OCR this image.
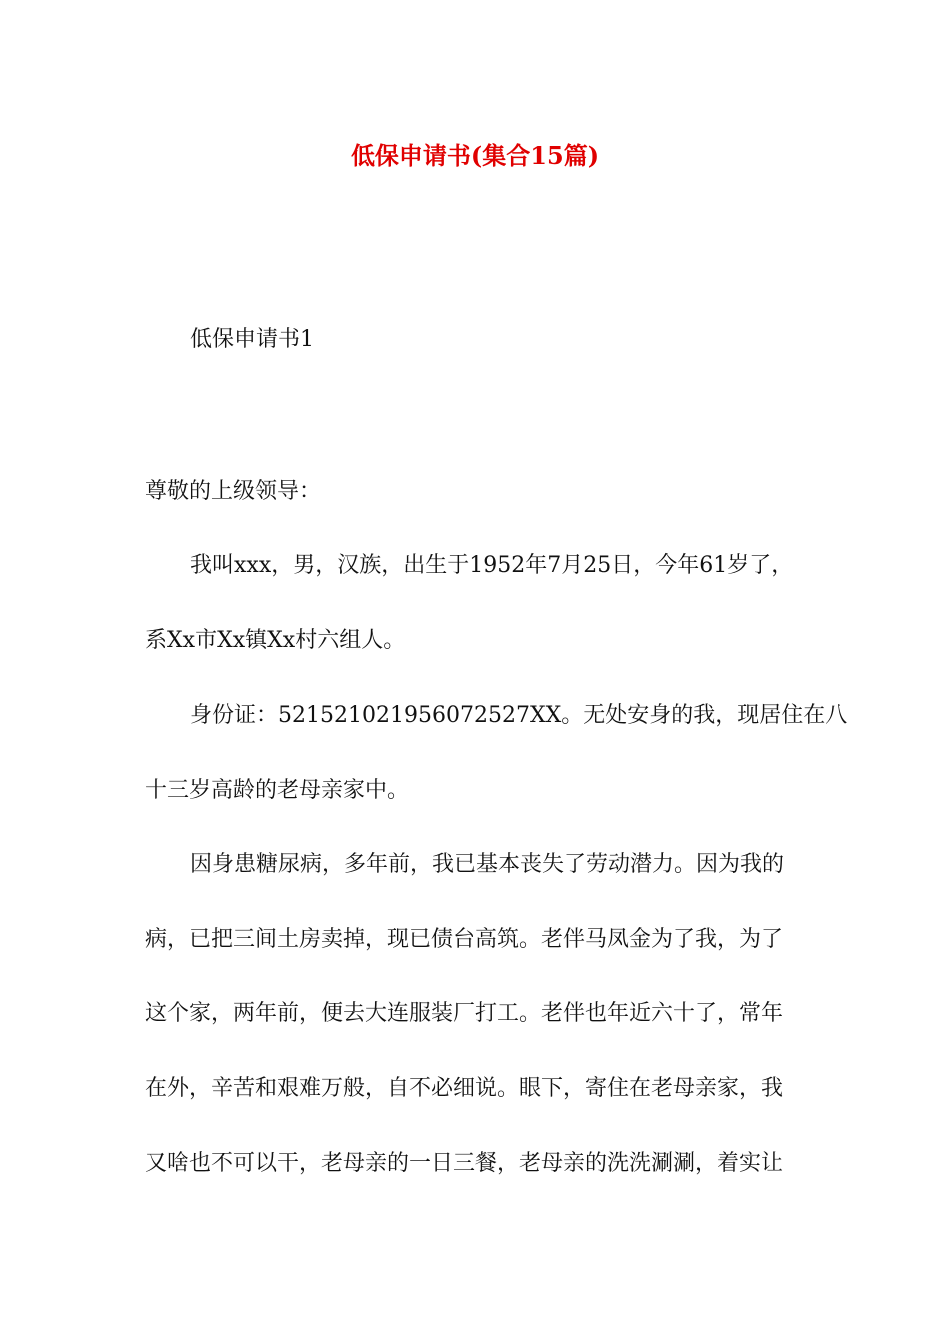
低保申请书(集合15篇)
低保申请书1
尊敬的上级领导：
我叫xxx，男，汉族，出生于1952年7月25日，今年61岁了，
系Xx市Xx镇Xx村六组人。
身份证：52152102195607252​7XX。无处安身的我，现居住在八
十三岁高龄的老母亲家中。
因身患糖尿病，多年前，我已基本丧失了劳动潜力。因为我的
病，已把三间土房卖掉，现已债台高筑。老伴马凤金为了我，为了
这个家，两年前，便去大连服装厂打工。老伴也年近六十了，常年
在外，辛苦和艰难万般，自不必细说。眼下，寄住在老母亲家，我
又啥也不可以干，老母亲的一日三餐，老母亲的洗洗涮涮，着实让
